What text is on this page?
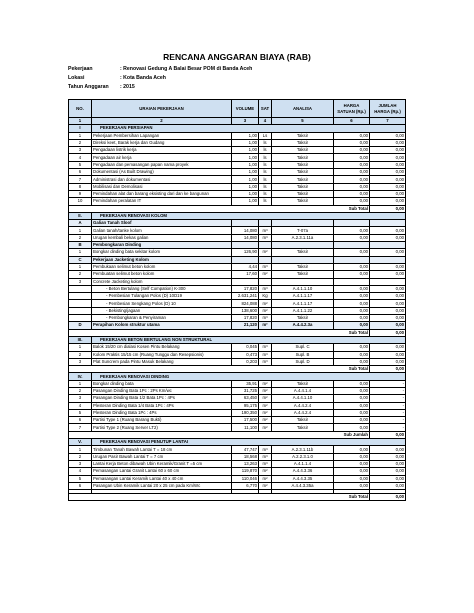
RENCANA ANGGARAN BIAYA (RAB)
Pekerjaan	: Renovasi Gedung A Balai Besar POM di Banda Aceh
Lokasi	: Kota Banda Aceh
Tahun Anggaran : 2015
NO.	URAIAN PEKERJAAN	VOLUME	SAT	ANALISA	HARGA SATUAN (Rp.)	JUMLAH HARGA (Rp.)
1	2	3	4	5	6	7
I	PEKERJAAN PERSIAPAN					
1	Pekerjaan Pembersihan Lapangan	1,00	Ls	Taksir	0,00	0,00
2	Direksi keet, Barak kerja dan Gudang	1,00	ls	Taksir	0,00	0,00
3	Pengadaan listrik kerja	1,00	ls	Taksir	0,00	0,00
4	Pengadaan air kerja	1,00	ls	Taksir	0,00	0,00
5	Pengadaan dan pemasangan papan nama proyek	1,00	ls	Taksir	0,00	0,00
6	Dokumentasi (As Built Drawing)	1,00	ls	Taksir	0,00	0,00
7	Administrasi dan dokumentasi	1,00	ls	Taksir	0,00	0,00
8	Mobilisasi dan Demolisasi	1,00	ls	Taksir	0,00	0,00
9	Pemindahan alat dan barang eksisting dari dan ke bangunan	1,00	ls	Taksir	0,00	0,00
10	Pemindahan peralatan IT	1,00	ls	Taksir	0,00	0,00
Sub Total						0,00
II.	PEKERJAAN RENOVASI KOLOM					
A	Galian Tanah Sloof					
1	Galian tanah/tanke kolom	14,080	m³	T-07a	0,00	0,00
2	Urugan kembali bekas galian	14,080	m³	A.2.3.1.11a	0,00	0,00
B	Pembongkaran Dinding					
1	Bongkar dinding bata sekitar kolom	126,90	m²	Taksir	0,00	0,00
C	Pekerjaan Jacketing Kolom					
1	Pembukaan selimut beton kolom	4,44	m³	Taksir	0,00	0,00
2	Pembuatan selimut beton kolom	17,60	m²	Taksir	0,00	0,00
3	Concrete Jacketing kolom					
	- Beton Bertulang (Self Compation) K-300	17,820	m³	A.4.1.1.10	0,00	0,00
	- Pembesian Tulangan Polos (D) 10D19	2.631,241	Kg	A.4.1.1.17	0,00	0,00
	- Pembesian Sengkang Polos (D) 10	824,088	m²	A.4.1.1.17	0,00	0,00
	- Bekisting/jagaan	138,600	m²	A.4.1.1.22	0,00	0,00
	- Pembongkaran & Penyiraman	17,820	m³	Taksir	0,00	0,00
D	Perapihan Kolom struktur utama	21,120	m²	A.4.4.2.3a	0,00	0,00
Sub Total						0,00
III.	PEKERJAAN BETON BERTULANG NON STRUKTURAL					
1	Balok 15/20 cm dialasi Kosen Pintu Belakang	0,045	m³	Supl. C	0,00	0,00
2	Kolom Praktis 15/15 cm (Ruang Tunggu dan Resepsionis)	0,473	m³	Supl. B	0,00	0,00
3	Plat Suncrem pada Pintu Masuk Belakang	0,203	m³	Supl. D	0,00	0,00
Sub Total						0,00
IV.	PEKERJAAN RENOVASI DINDING					
1	Bongkar dinding bata	35,91	m²	Taksir	0,00	-
2	Pasangan Dinding Bata 1Pc : 2Ps Km/wc	31,725	m²	A.4.4.1.4	0,00	-
3	Pasangan Dinding Bata 1/2 Bata 1Pc : 4Ps	63,450	m²	A.4.4.1.10	0,00	-
4	Plesteran Dinding Bata 1/4 Bata 1Pc : 4Ps	95,175	m²	A.4.4.2.4	0,00	-
5	Plesteran Dinding Bata 1Pc : 4Ps	190,350	m²	A.4.4.2.4	0,00	-
6	Partisi Type 1 (Ruang Barang Bukti)	17,500	m²	Taksir	0,00	-
7	Partisi Type 2 (Ruang Server LT2)	11,100	m²	Taksir	0,00	-
Sub Jumlah						0,00
V.	PEKERJAAN RENOVASI PENUTUP LANTAI					
1	Timbunan Tanah Bawah Lantai T = 18 cm	47,747	m³	A.2.3.1.11b	0,00	0,00
2	Urugan Pasir Bawah Lantai T = 7 cm	18,568	m³	A.2.2.3.1.0	0,00	0,00
3	Lantai Kerja Beton dibawah Ubin Keramik/Granit T =5 cm	13,263	m³	A.4.1.1.4	0,00	0,00
4	Pemasangan Lantai Granit Lantai 60 x 60 cm	119,870	m²	A.4.4.3.36	0,00	0,00
5	Pemasangan Lantai Keramik Lantai 40 x 40 cm	110,046	m²	A.4.4.3.35	0,00	0,00
6	Pasangan Ubin Keramik Lantai 20 x 25 cm pada Km/Wc	6,770	m²	A.4.4.3.35a	0,00	0,00

Sub Total						0,00
